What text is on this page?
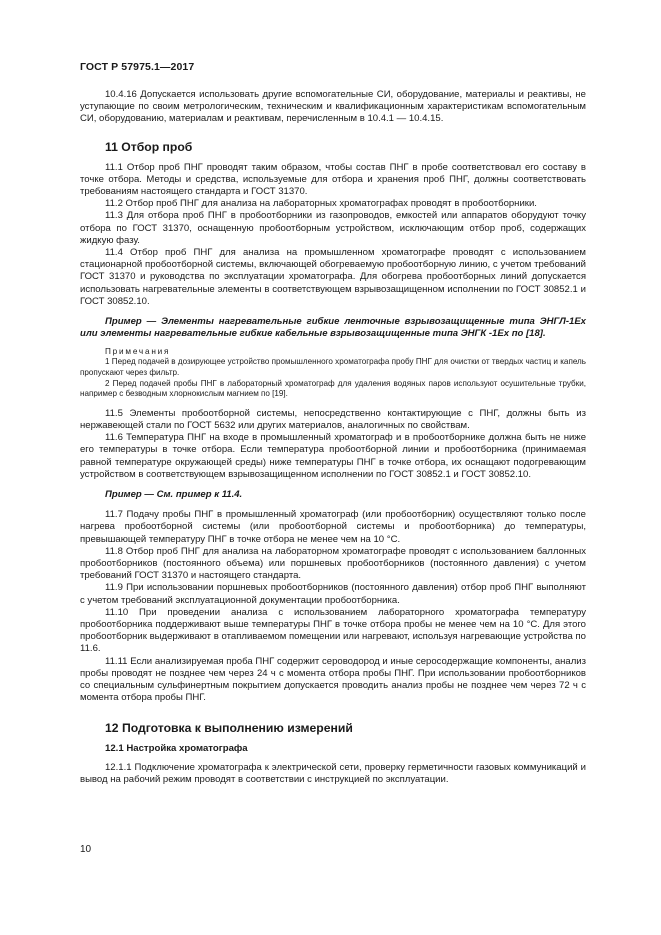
ГОСТ Р 57975.1—2017

10.4.16 Допускается использовать другие вспомогательные СИ, оборудование, материалы и реактивы, не уступающие по своим метрологическим, техническим и квалификационным характеристикам вспомогательным СИ, оборудованию, материалам и реактивам, перечисленным в 10.4.1 — 10.4.15.

11 Отбор проб

11.1 Отбор проб ПНГ проводят таким образом, чтобы состав ПНГ в пробе соответствовал его составу в точке отбора. Методы и средства, используемые для отбора и хранения проб ПНГ, должны соответствовать требованиям настоящего стандарта и ГОСТ 31370.

11.2 Отбор проб ПНГ для анализа на лабораторных хроматографах проводят в пробоотборники.

11.3 Для отбора проб ПНГ в пробоотборники из газопроводов, емкостей или аппаратов оборудуют точку отбора по ГОСТ 31370, оснащенную пробоотборным устройством, исключающим отбор проб, содержащих жидкую фазу.

11.4 Отбор проб ПНГ для анализа на промышленном хроматографе проводят с использованием стационарной пробоотборной системы, включающей обогреваемую пробоотборную линию, с учетом требований ГОСТ 31370 и руководства по эксплуатации хроматографа. Для обогрева пробоотборных линий допускается использовать нагревательные элементы в соответствующем взрывозащищенном исполнении по ГОСТ 30852.1 и ГОСТ 30852.10.

Пример — Элементы нагревательные гибкие ленточные взрывозащищенные типа ЭНГЛ-1Ех или элементы нагревательные гибкие кабельные взрывозащищенные типа ЭНГК -1Ех по [18].

Примечания

1 Перед подачей в дозирующее устройство промышленного хроматографа пробу ПНГ для очистки от твердых частиц и капель пропускают через фильтр.

2 Перед подачей пробы ПНГ в лабораторный хроматограф для удаления водяных паров используют осушительные трубки, например с безводным хлорнокислым магнием по [19].

11.5 Элементы пробоотборной системы, непосредственно контактирующие с ПНГ, должны быть из нержавеющей стали по ГОСТ 5632 или других материалов, аналогичных по свойствам.

11.6 Температура ПНГ на входе в промышленный хроматограф и в пробоотборнике должна быть не ниже его температуры в точке отбора. Если температура пробоотборной линии и пробоотборника (принимаемая равной температуре окружающей среды) ниже температуры ПНГ в точке отбора, их оснащают подогревающим устройством в соответствующем взрывозащищенном исполнении по ГОСТ 30852.1 и ГОСТ 30852.10.

Пример — См. пример к 11.4.

11.7 Подачу пробы ПНГ в промышленный хроматограф (или пробоотборник) осуществляют только после нагрева пробоотборной системы (или пробоотборной системы и пробоотборника) до температуры, превышающей температуру ПНГ в точке отбора не менее чем на 10 °С.

11.8 Отбор проб ПНГ для анализа на лабораторном хроматографе проводят с использованием баллонных пробоотборников (постоянного объема) или поршневых пробоотборников (постоянного давления) с учетом требований ГОСТ 31370 и настоящего стандарта.

11.9 При использовании поршневых пробоотборников (постоянного давления) отбор проб ПНГ выполняют с учетом требований эксплуатационной документации пробоотборника.

11.10 При проведении анализа с использованием лабораторного хроматографа температуру пробоотборника поддерживают выше температуры ПНГ в точке отбора пробы не менее чем на 10 °С. Для этого пробоотборник выдерживают в отапливаемом помещении или нагревают, используя нагревающие устройства по 11.6.

11.11 Если анализируемая проба ПНГ содержит сероводород и иные серосодержащие компоненты, анализ пробы проводят не позднее чем через 24 ч с момента отбора пробы ПНГ. При использовании пробоотборников со специальным сульфинертным покрытием допускается проводить анализ пробы не позднее чем через 72 ч с момента отбора пробы ПНГ.

12 Подготовка к выполнению измерений
12.1 Настройка хроматографа

12.1.1 Подключение хроматографа к электрической сети, проверку герметичности газовых коммуникаций и вывод на рабочий режим проводят в соответствии с инструкцией по эксплуатации.

10
